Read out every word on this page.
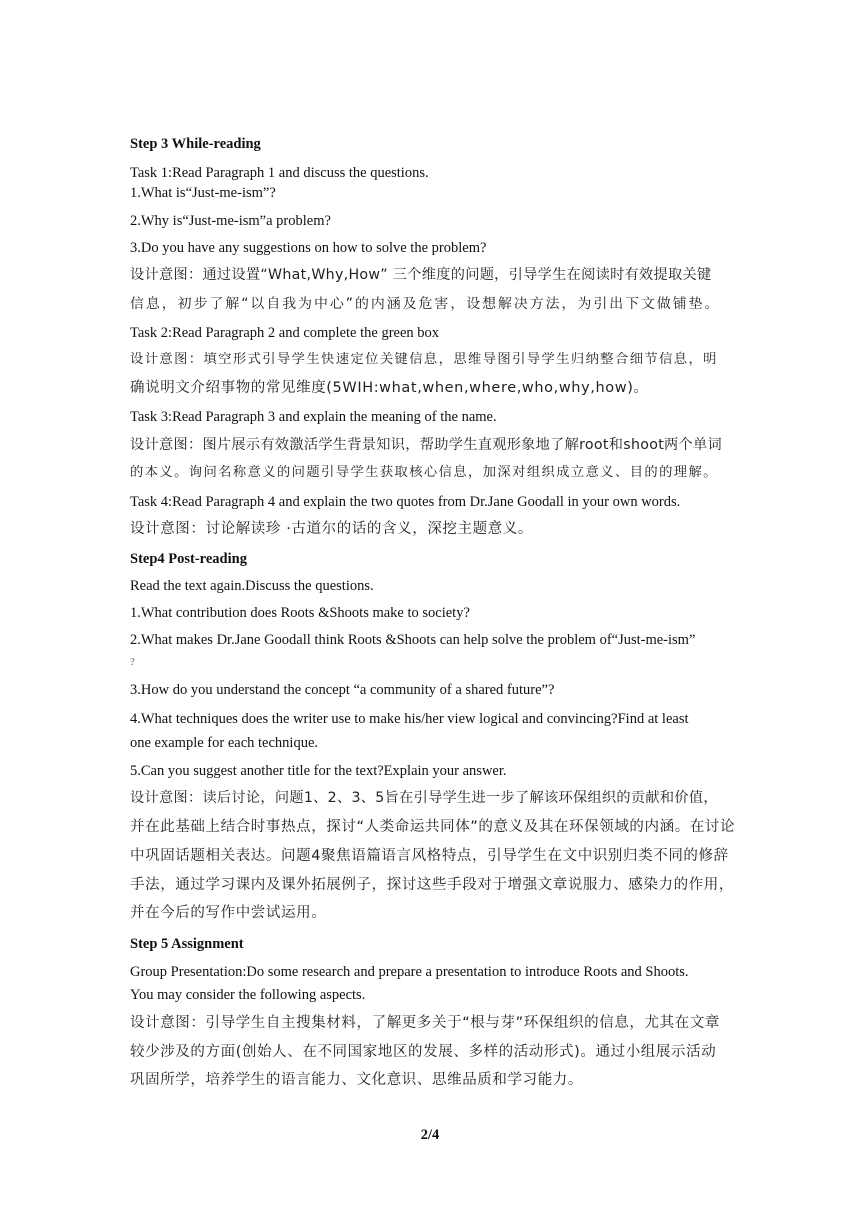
Step 3 While-reading
Task 1:Read Paragraph 1 and discuss the questions.
1.What is“Just-me-ism”?
2.Why is“Just-me-ism”a problem?
3.Do you have any suggestions on how to solve the problem?
设计意图：通过设置“What,Why,How” 三个维度的问题，引导学生在阅读时有效提取关键
信息，初步了解“以自我为中心”的内涵及危害，设想解决方法，为引出下文做铺垫。
Task 2:Read Paragraph 2 and complete the green box
设计意图：填空形式引导学生快速定位关键信息，思维导图引导学生归纳整合细节信息，明
确说明文介绍事物的常见维度(5WIH:what,when,where,who,why,how)。
Task 3:Read Paragraph 3 and explain the meaning of the name.
设计意图：图片展示有效激活学生背景知识，帮助学生直观形象地了解root和shoot两个单词
的本义。询问名称意义的问题引导学生获取核心信息，加深对组织成立意义、目的的理解。
Task 4:Read Paragraph 4 and explain the two quotes from Dr.Jane Goodall in your own words.
设计意图：讨论解读珍 ·古道尔的话的含义，深挖主题意义。
Step4 Post-reading
Read the text again.Discuss the questions.
1.What contribution does Roots &Shoots make to society?
2.What makes Dr.Jane Goodall think Roots &Shoots can help solve the problem of“Just-me-ism”
?
3.How do you understand the concept “a community of a shared future”?
4.What techniques does the writer use to make his/her view logical and convincing?Find at least
one example for each technique.
5.Can you suggest another title for the text?Explain your answer.
设计意图：读后讨论，问题1、2、3、5旨在引导学生进一步了解该环保组织的贡献和价值，
并在此基础上结合时事热点，探讨“人类命运共同体”的意义及其在环保领域的内涵。在讨论
中巩固话题相关表达。问题4聚焦语篇语言风格特点，引导学生在文中识别归类不同的修辞
手法，通过学习课内及课外拓展例子，探讨这些手段对于增强文章说服力、感染力的作用，
并在今后的写作中尝试运用。
Step 5 Assignment
Group Presentation:Do some research and prepare a presentation to introduce Roots and Shoots.
You may consider the following aspects.
设计意图：引导学生自主搜集材料，了解更多关于“根与芽”环保组织的信息，尤其在文章
较少涉及的方面(创始人、在不同国家地区的发展、多样的活动形式)。通过小组展示活动
巩固所学，培养学生的语言能力、文化意识、思维品质和学习能力。
2/4
